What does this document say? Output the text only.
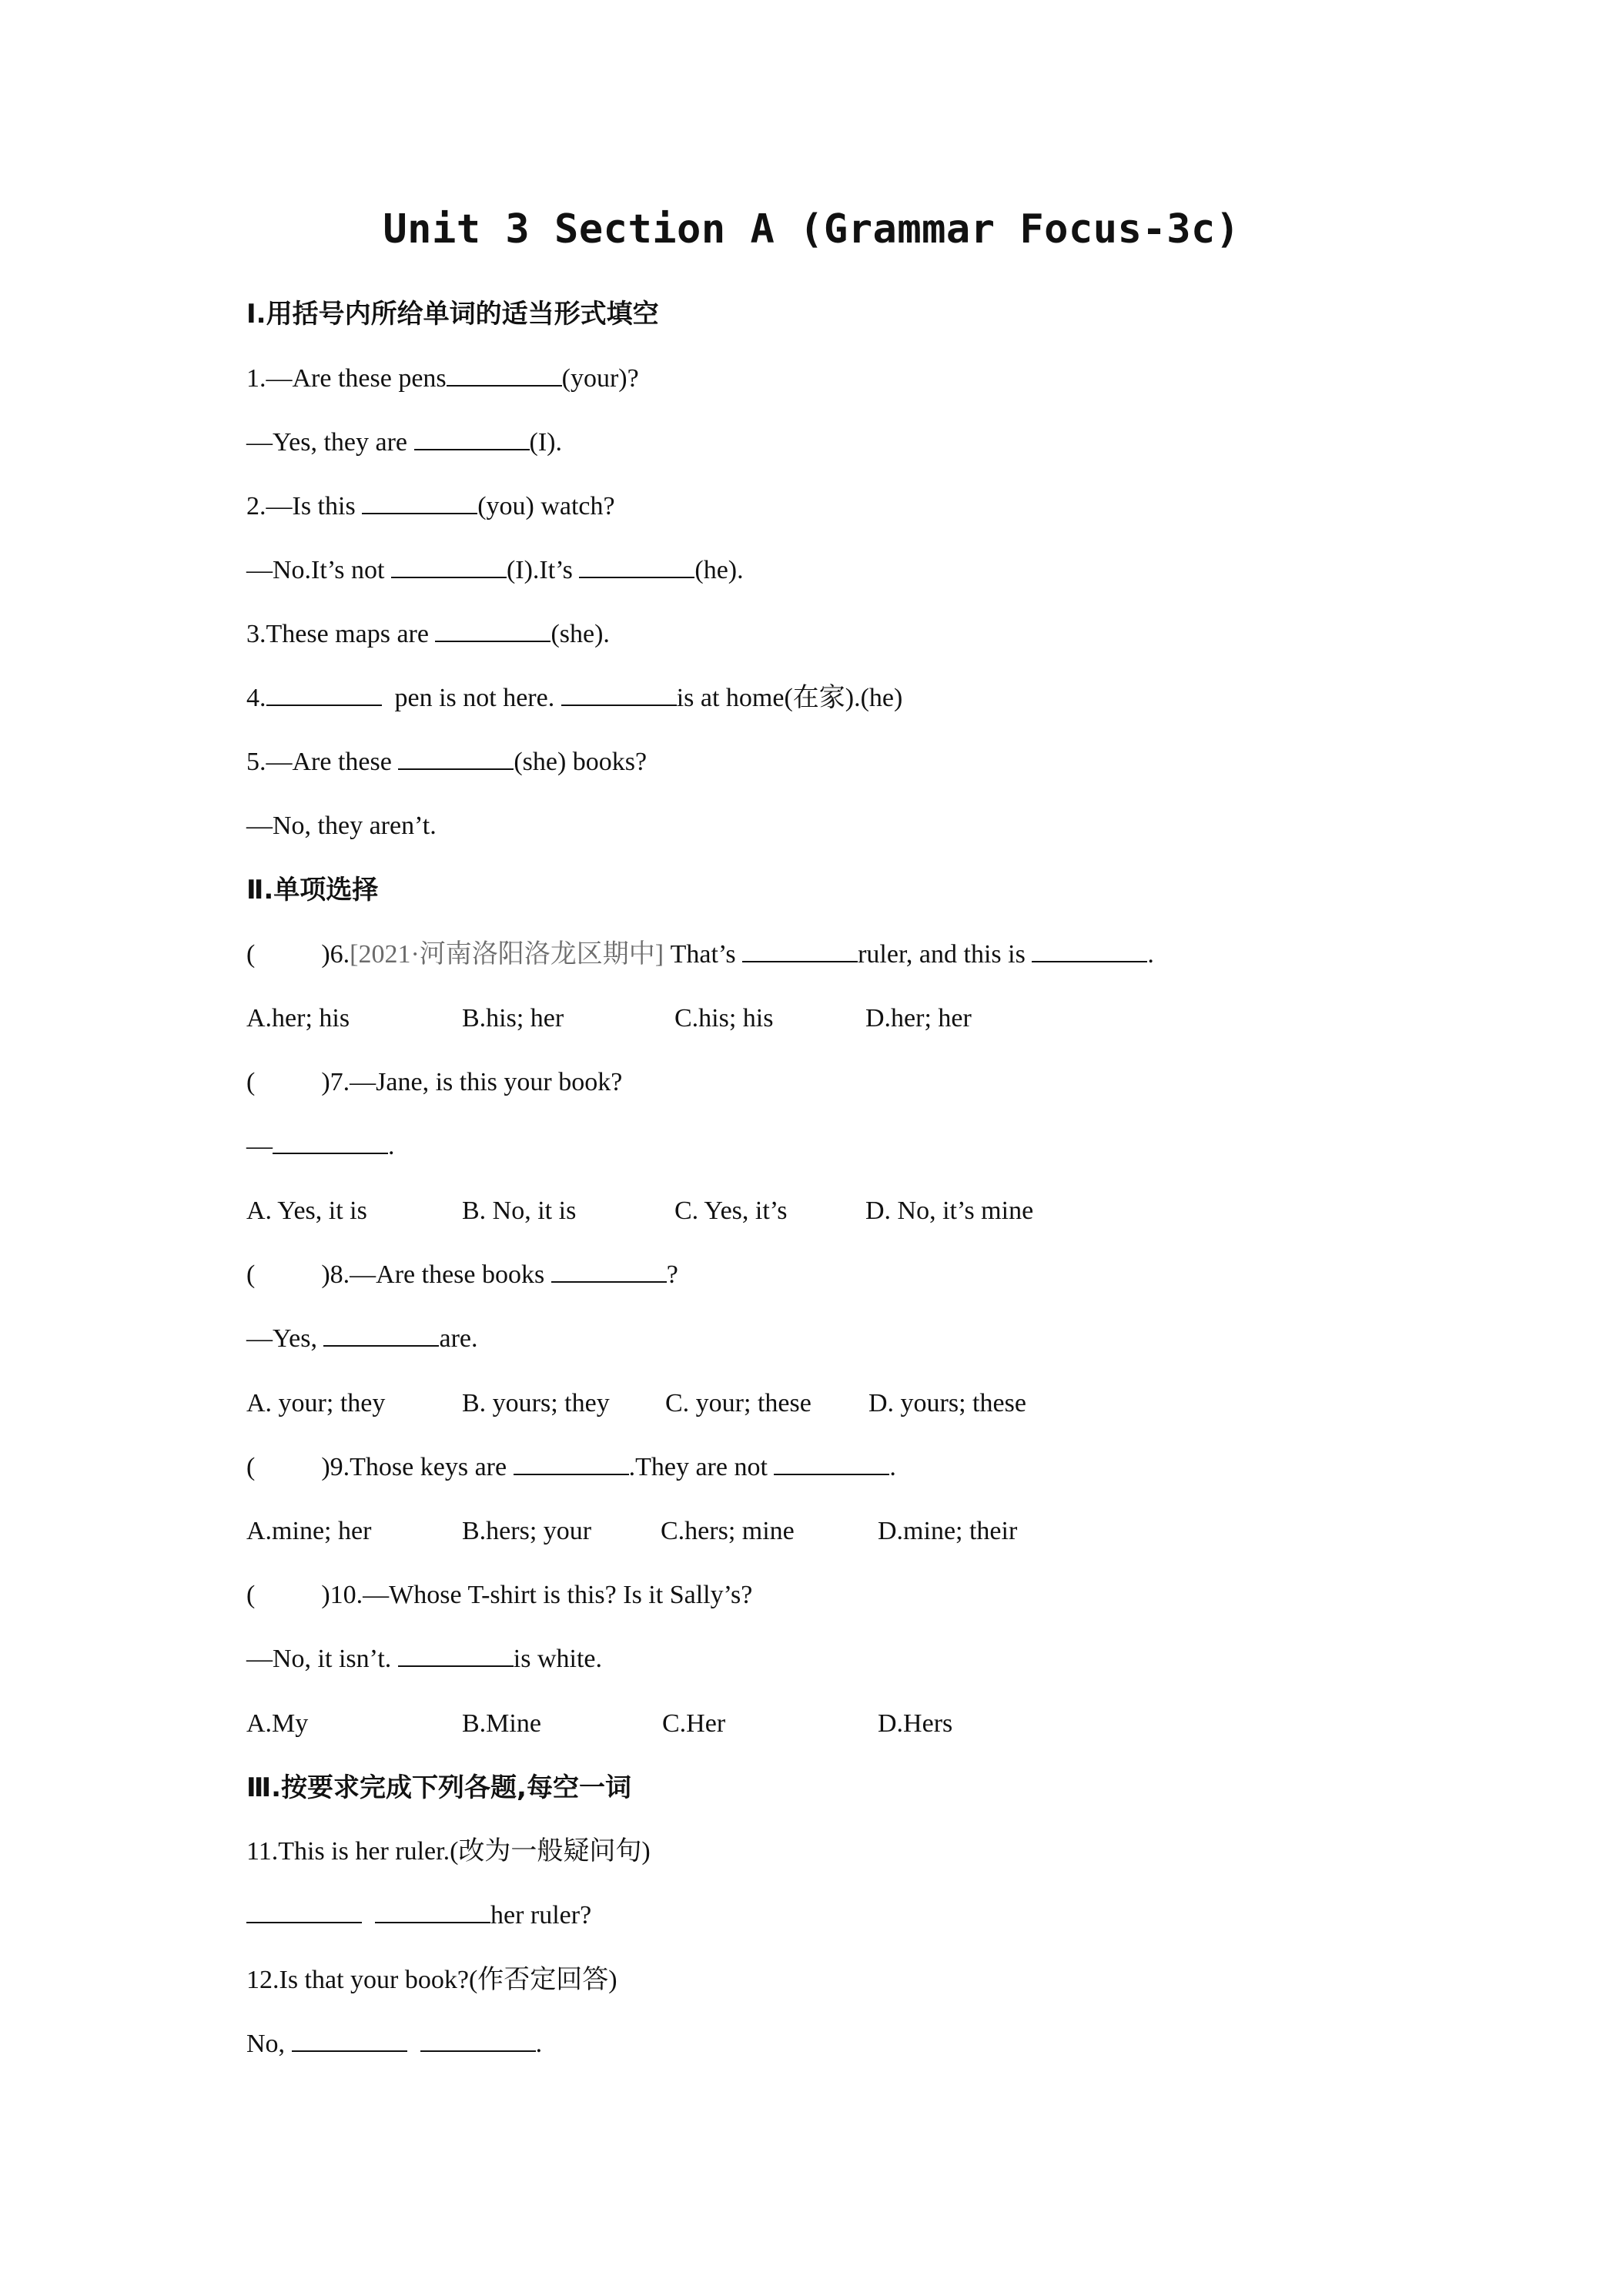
Unit 3 Section A (Grammar Focus-3c)
Ⅰ.用括号内所给单词的适当形式填空
1.—Are these pens	(your)?
—Yes, they are	(I).
2.—Is this	(you) watch?
—No.It’s not	(I).It’s	(he).
3.These maps are	(she).
4.	pen is not here.	is at home(在家).(he)
5.—Are these	(she) books?
—No, they aren’t.
Ⅱ.单项选择
(	)6.[2021·河南洛阳洛龙区期中] That’s	ruler, and this is	.

A.her; his

	B.his; her

	C.his; his

	D.her; her

(	)7.—Jane, is this your book?
—	.

A. Yes, it is

	B. No, it is

	C. Yes, it’s

	D. No, it’s mine

(	)8.—Are these books	?
—Yes,	are.

A. your; they

	B. yours; they

C. your; these

D. yours; these

(	)9.Those keys are	.They are not	.

A.mine; her

	B.hers; your

	C.hers; mine

	D.mine; their

(	)10.—Whose T-shirt is this? Is it Sally’s?
—No, it isn’t.	is white.

A.My

	B.Mine

	C.Her

	D.Hers

Ⅲ.按要求完成下列各题,每空一词
11.This is her ruler.(改为一般疑问句)
her ruler?
12.Is that your book?(作否定回答)
No,	.
